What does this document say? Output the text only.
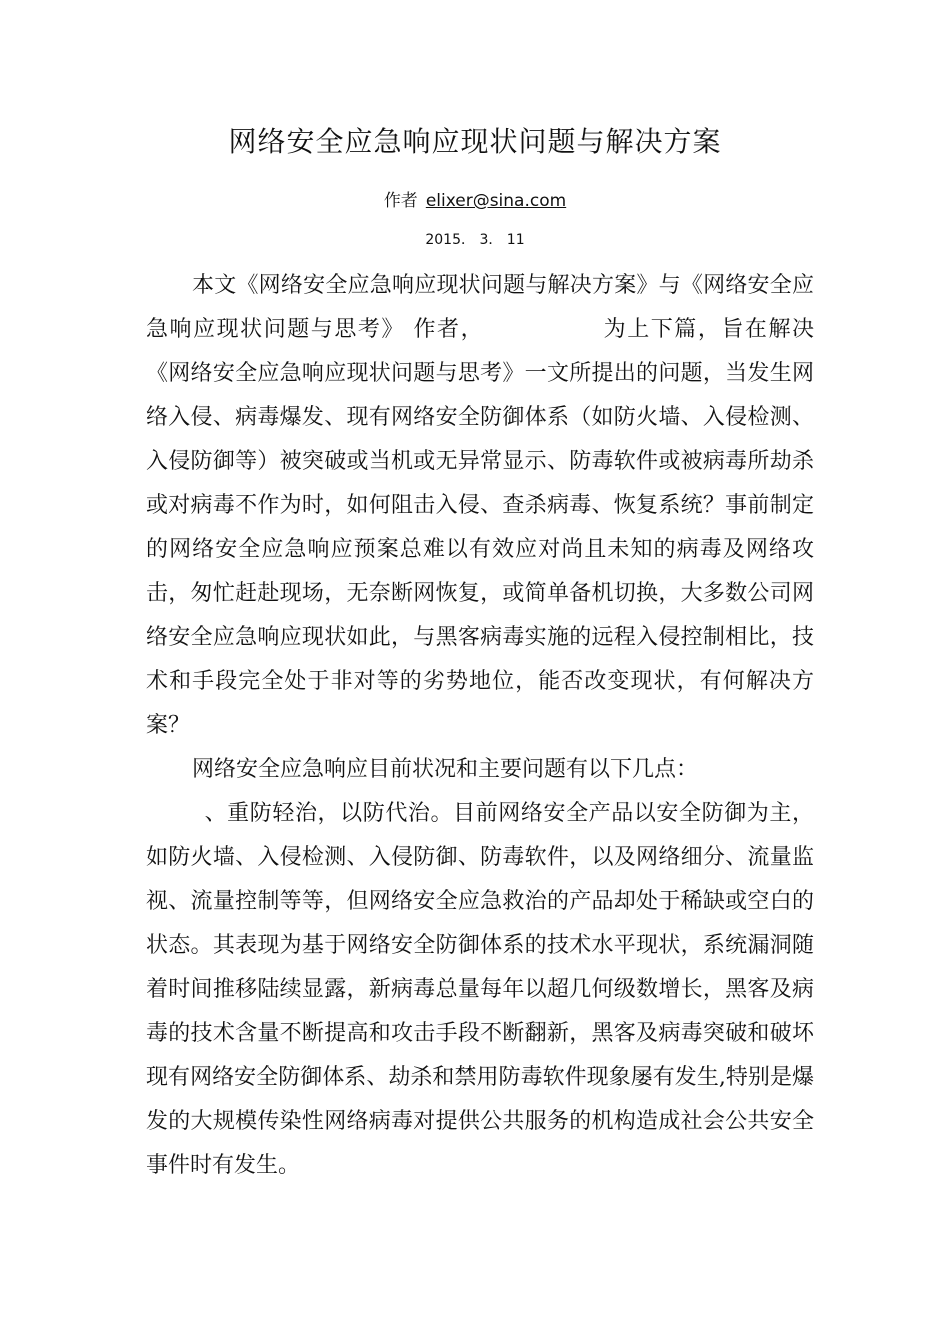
网络安全应急响应现状问题与解决方案
作者 elixer@sina.com
2015． 3． 11

本文《网络安全应急响应现状问题与解决方案》与《网络安全应急响应现状问题与思考》 作者，	为上下篇，旨在解决《网络安全应急响应现状问题与思考》一文所提出的问题，当发生网络入侵、病毒爆发、现有网络安全防御体系（如防火墙、入侵检测、入侵防御等）被突破或当机或无异常显示、防毒软件或被病毒所劫杀或对病毒不作为时，如何阻击入侵、查杀病毒、恢复系统？事前制定的网络安全应急响应预案总难以有效应对尚且未知的病毒及网络攻击，匆忙赶赴现场，无奈断网恢复，或简单备机切换，大多数公司网络安全应急响应现状如此，与黑客病毒实施的远程入侵控制相比，技术和手段完全处于非对等的劣势地位，能否改变现状，有何解决方案？

网络安全应急响应目前状况和主要问题有以下几点：

、重防轻治，以防代治。目前网络安全产品以安全防御为主，如防火墙、入侵检测、入侵防御、防毒软件，以及网络细分、流量监视、流量控制等等，但网络安全应急救治的产品却处于稀缺或空白的状态。其表现为基于网络安全防御体系的技术水平现状，系统漏洞随着时间推移陆续显露，新病毒总量每年以超几何级数增长，黑客及病毒的技术含量不断提高和攻击手段不断翻新，黑客及病毒突破和破坏现有网络安全防御体系、劫杀和禁用防毒软件现象屡有发生,特别是爆发的大规模传染性网络病毒对提供公共服务的机构造成社会公共安全事件时有发生。
